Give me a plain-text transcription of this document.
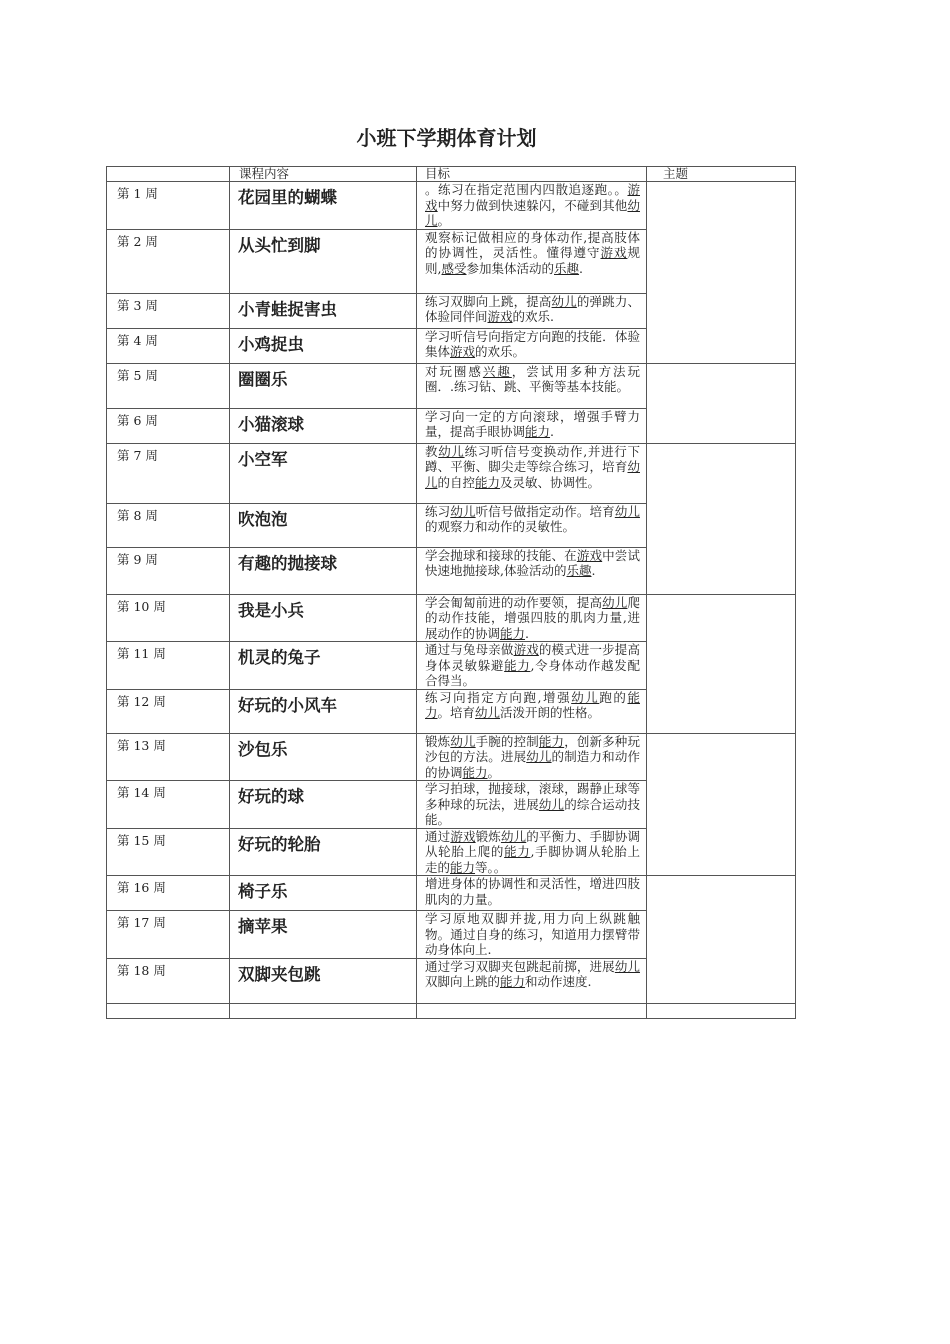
小班下学期体育计划
	课程内容	目标	主题
第 1 周	花园里的蝴蝶	。练习在指定范围内四散追逐跑。。游戏中努力做到快速躲闪，不碰到其他幼儿。	
第 2 周	从头忙到脚	观察标记做相应的身体动作,提高肢体的协调性，灵活性。懂得遵守游戏规则,感受参加集体活动的乐趣.	
第 3 周	小青蛙捉害虫	练习双脚向上跳，提高幼儿的弹跳力、体验同伴间游戏的欢乐.	
第 4 周	小鸡捉虫	学习听信号向指定方向跑的技能．体验集体游戏的欢乐。	
第 5 周	圈圈乐	对玩圈感兴趣，尝试用多种方法玩圈．.练习钻、跳、平衡等基本技能。	
第 6 周	小猫滚球	学习向一定的方向滚球，增强手臂力量，提高手眼协调能力.	
第 7 周	小空军	教幼儿练习听信号变换动作,并进行下蹲、平衡、脚尖走等综合练习，培育幼儿的自控能力及灵敏、协调性。	
第 8 周	吹泡泡	练习幼儿听信号做指定动作。培育幼儿的观察力和动作的灵敏性。	
第 9 周	有趣的抛接球	学会抛球和接球的技能、在游戏中尝试快速地抛接球,体验活动的乐趣.	
第 10 周	我是小兵	学会匍匐前进的动作要领，提高幼儿爬的动作技能，增强四肢的肌肉力量,进展动作的协调能力.	
第 11 周	机灵的兔子	通过与兔母亲做游戏的模式进一步提高身体灵敏躲避能力,令身体动作越发配合得当。	
第 12 周	好玩的小风车	练习向指定方向跑,增强幼儿跑的能力。培育幼儿活泼开朗的性格。	
第 13 周	沙包乐	锻炼幼儿手腕的控制能力，创新多种玩沙包的方法。进展幼儿的制造力和动作的协调能力。	
第 14 周	好玩的球	学习拍球，抛接球，滚球，踢静止球等多种球的玩法，进展幼儿的综合运动技能。	
第 15 周	好玩的轮胎	通过游戏锻炼幼儿的平衡力、手脚协调从轮胎上爬的能力,手脚协调从轮胎上走的能力等。。	
第 16 周	椅子乐	增进身体的协调性和灵活性，增进四肢肌肉的力量。	
第 17 周	摘苹果	学习原地双脚并拢,用力向上纵跳触物。通过自身的练习，知道用力摆臂带动身体向上.	
第 18 周	双脚夹包跳	通过学习双脚夹包跳起前掷，进展幼儿双脚向上跳的能力和动作速度.	
